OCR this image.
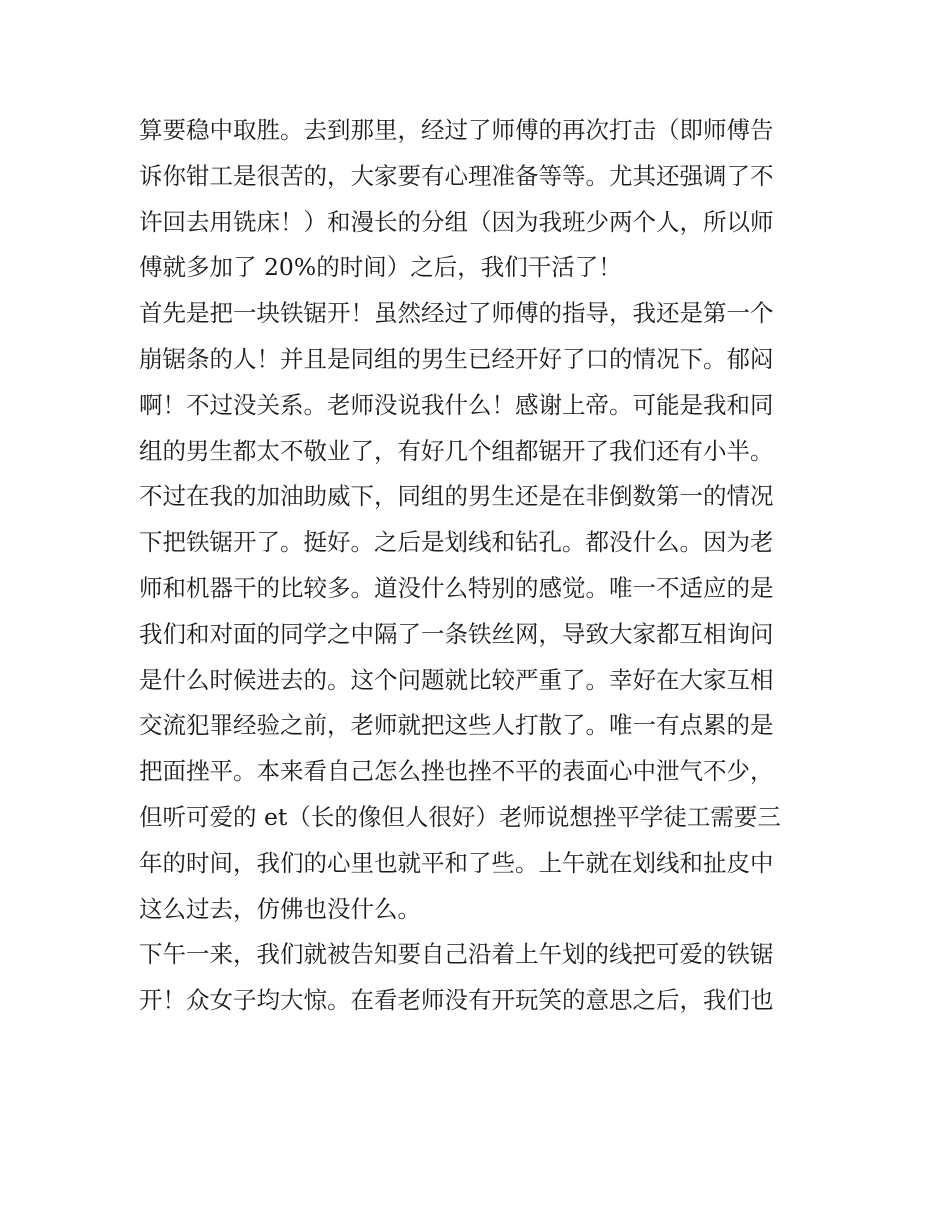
算要稳中取胜。去到那里，经过了师傅的再次打击（即师傅告
诉你钳工是很苦的，大家要有心理准备等等。尤其还强调了不
许回去用铣床！）和漫长的分组（因为我班少两个人，所以师
傅就多加了 20%的时间）之后，我们干活了！
首先是把一块铁锯开！虽然经过了师傅的指导，我还是第一个
崩锯条的人！并且是同组的男生已经开好了口的情况下。郁闷
啊！不过没关系。老师没说我什么！感谢上帝。可能是我和同
组的男生都太不敬业了，有好几个组都锯开了我们还有小半。
不过在我的加油助威下，同组的男生还是在非倒数第一的情况
下把铁锯开了。挺好。之后是划线和钻孔。都没什么。因为老
师和机器干的比较多。道没什么特别的感觉。唯一不适应的是
我们和对面的同学之中隔了一条铁丝网，导致大家都互相询问
是什么时候进去的。这个问题就比较严重了。幸好在大家互相
交流犯罪经验之前，老师就把这些人打散了。唯一有点累的是
把面挫平。本来看自己怎么挫也挫不平的表面心中泄气不少，
但听可爱的 et（长的像但人很好）老师说想挫平学徒工需要三
年的时间，我们的心里也就平和了些。上午就在划线和扯皮中
这么过去，仿佛也没什么。
下午一来，我们就被告知要自己沿着上午划的线把可爱的铁锯
开！众女子均大惊。在看老师没有开玩笑的意思之后，我们也
